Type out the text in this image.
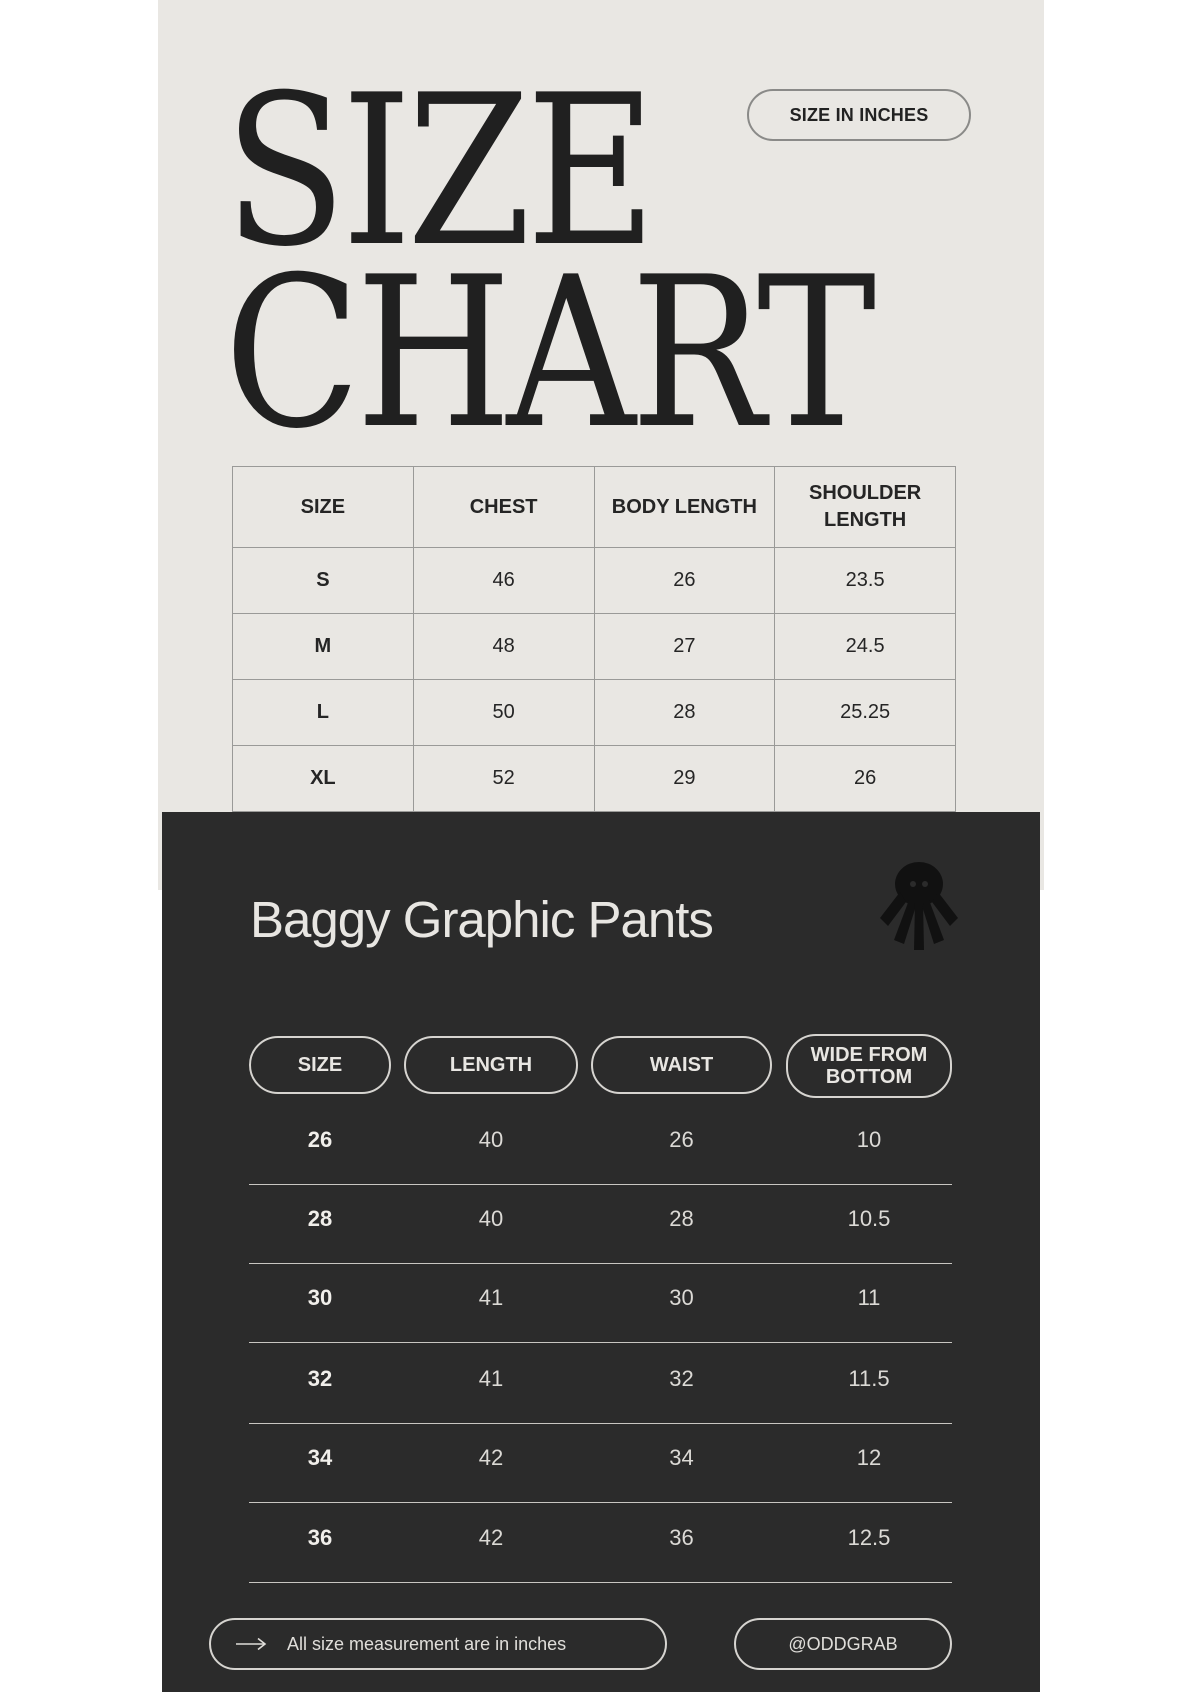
SIZE
CHART
SIZE IN INCHES
SIZE	CHEST	BODY LENGTH	SHOULDER LENGTH
S	46	26	23.5
M	48	27	24.5
L	50	28	25.25
XL	52	29	26
Baggy Graphic Pants
SIZE	LENGTH	WAIST	WIDE FROM BOTTOM
26	40	26	10
28	40	28	10.5
30	41	30	11
32	41	32	11.5
34	42	34	12
36	42	36	12.5
All size measurement are in inches	@ODDGRAB
